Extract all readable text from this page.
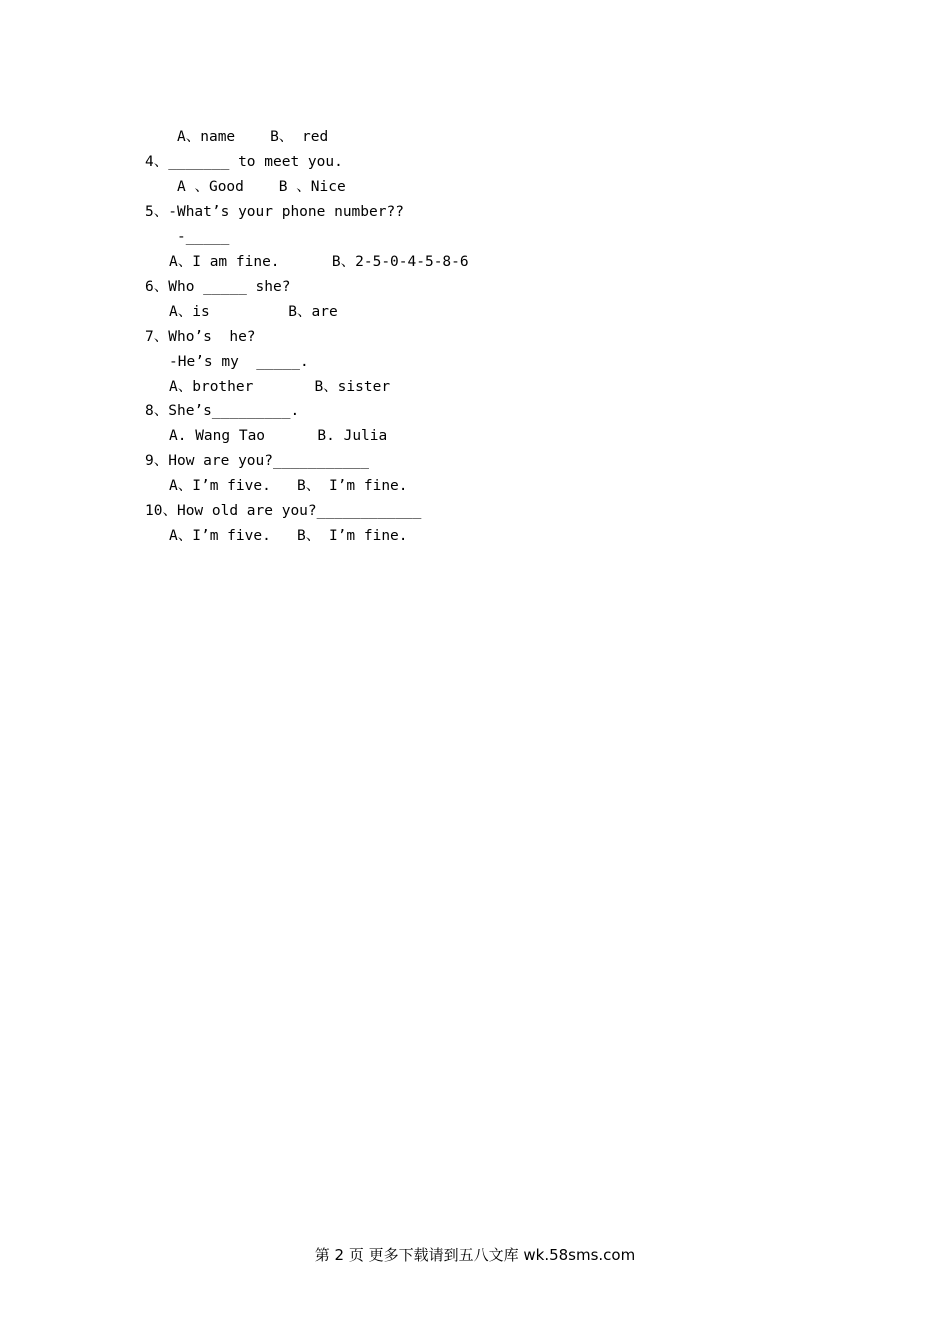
A、name    B、 red
4、_______ to meet you.
A 、Good    B 、Nice
5、-What’s your phone number??
-_____
A、I am fine.      B、2-5-0-4-5-8-6
6、Who _____ she?
A、is         B、are
7、Who’s  he?
-He’s my  _____.
A、brother       B、sister
8、She’s_________.
A. Wang Tao      B. Julia
9、How are you?___________
A、I’m five.   B、 I’m fine.
10、How old are you?____________
A、I’m five.   B、 I’m fine.
第 2 页 更多下载请到五八文库 wk.58sms.com
